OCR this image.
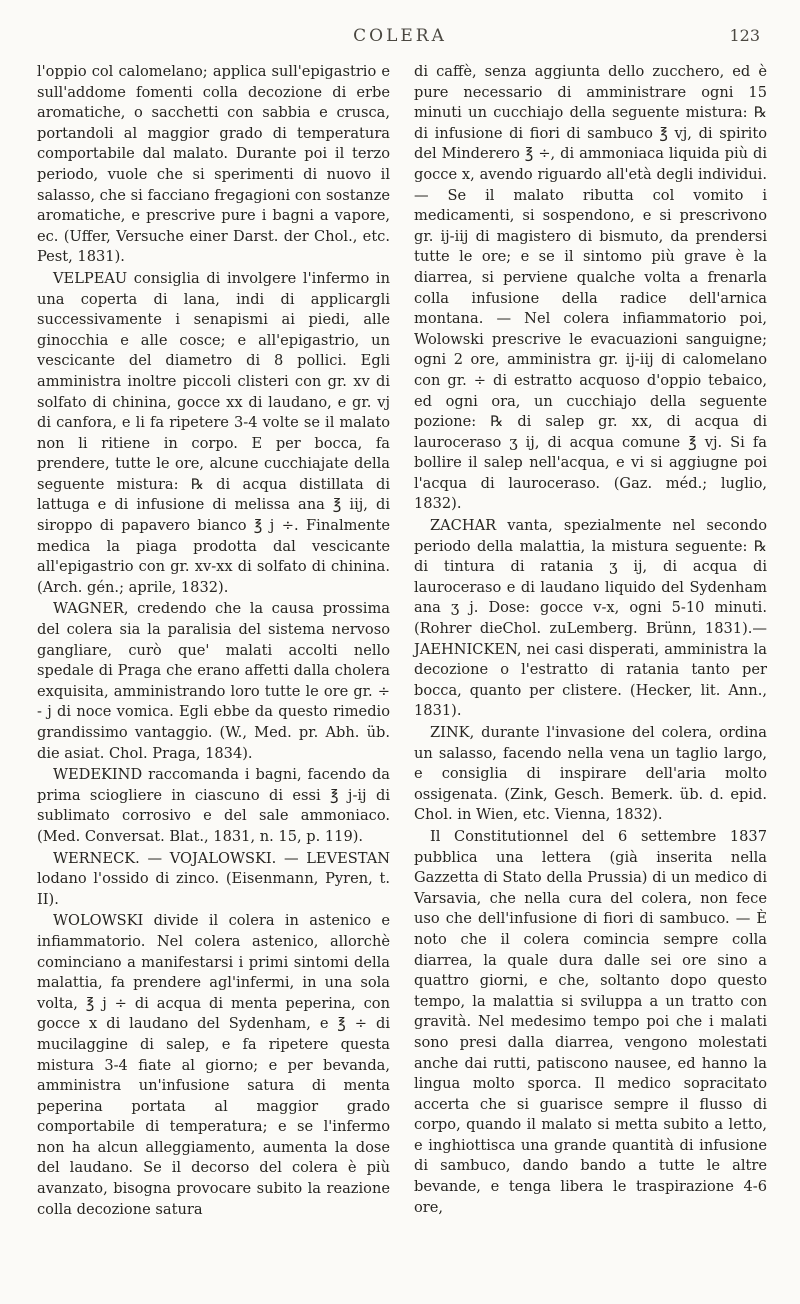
COLERA	123

l'oppio col calomelano; applica sull'epigastrio e sull'addome fomenti colla decozione di erbe aromatiche, o sacchetti con sabbia e crusca, portandoli al maggior grado di temperatura comportabile dal malato. Durante poi il terzo periodo, vuole che si sperimenti di nuovo il salasso, che si facciano fregagioni con sostanze aromatiche, e prescrive pure i bagni a vapore, ec. (Uffer, Versuche einer Darst. der Chol., etc. Pest, 1831).

VELPEAU consiglia di involgere l'infermo in una coperta di lana, indi di applicargli successivamente i senapismi ai piedi, alle ginocchia e alle cosce; e all'epigastrio, un vescicante del diametro di 8 pollici. Egli amministra inoltre piccoli clisteri con gr. xv di solfato di chinina, gocce xx di laudano, e gr. vj di canfora, e li fa ripetere 3-4 volte se il malato non li ritiene in corpo. E per bocca, fa prendere, tutte le ore, alcune cucchiajate della seguente mistura: ℞ di acqua distillata di lattuga e di infusione di melissa ana ℥ iij, di siroppo di papavero bianco ℥ j ÷. Finalmente medica la piaga prodotta dal vescicante all'epigastrio con gr. xv-xx di solfato di chinina. (Arch. gén.; aprile, 1832).

WAGNER, credendo che la causa prossima del colera sia la paralisia del sistema nervoso gangliare, curò que' malati accolti nello spedale di Praga che erano affetti dalla cholera exquisita, amministrando loro tutte le ore gr. ÷ - j di noce vomica. Egli ebbe da questo rimedio grandissimo vantaggio. (W., Med. pr. Abh. üb. die asiat. Chol. Praga, 1834).

WEDEKIND raccomanda i bagni, facendo da prima sciogliere in ciascuno di essi ℥ j-ij di sublimato corrosivo e del sale ammoniaco. (Med. Conversat. Blat., 1831, n. 15, p. 119).

WERNECK. — VOJALOWSKI. — LEVESTAN lodano l'ossido di zinco. (Eisenmann, Pyren, t. II).

WOLOWSKI divide il colera in astenico e infiammatorio. Nel colera astenico, allorchè cominciano a manifestarsi i primi sintomi della malattia, fa prendere agl'infermi, in una sola volta, ℥ j ÷ di acqua di menta peperina, con gocce x di laudano del Sydenham, e ℥ ÷ di mucilaggine di salep, e fa ripetere questa mistura 3-4 fiate al giorno; e per bevanda, amministra un'infusione satura di menta peperina portata al maggior grado comportabile di temperatura; e se l'infermo non ha alcun alleggiamento, aumenta la dose del laudano. Se il decorso del colera è più avanzato, bisogna provocare subito la reazione colla decozione satura

di caffè, senza aggiunta dello zucchero, ed è pure necessario di amministrare ogni 15 minuti un cucchiajo della seguente mistura: ℞ di infusione di fiori di sambuco ℥ vj, di spirito del Minderero ℥ ÷, di ammoniaca liquida più di gocce x, avendo riguardo all'età degli individui. — Se il malato ributta col vomito i medicamenti, si sospendono, e si prescrivono gr. ij-iij di magistero di bismuto, da prendersi tutte le ore; e se il sintomo più grave è la diarrea, si perviene qualche volta a frenarla colla infusione della radice dell'arnica montana. — Nel colera infiammatorio poi, Wolowski prescrive le evacuazioni sanguigne; ogni 2 ore, amministra gr. ij-iij di calomelano con gr. ÷ di estratto acquoso d'oppio tebaico, ed ogni ora, un cucchiajo della seguente pozione: ℞ di salep gr. xx, di acqua di lauroceraso ʒ ij, di acqua comune ℥ vj. Si fa bollire il salep nell'acqua, e vi si aggiugne poi l'acqua di lauroceraso. (Gaz. méd.; luglio, 1832).

ZACHAR vanta, spezialmente nel secondo periodo della malattia, la mistura seguente: ℞ di tintura di ratania ʒ ij, di acqua di lauroceraso e di laudano liquido del Sydenham ana ʒ j. Dose: gocce v-x, ogni 5-10 minuti. (Rohrer dieChol. zuLemberg. Brünn, 1831).— JAEHNICKEN, nei casi disperati, amministra la decozione o l'estratto di ratania tanto per bocca, quanto per clistere. (Hecker, lit. Ann., 1831).

ZINK, durante l'invasione del colera, ordina un salasso, facendo nella vena un taglio largo, e consiglia di inspirare dell'aria molto ossigenata. (Zink, Gesch. Bemerk. üb. d. epid. Chol. in Wien, etc. Vienna, 1832).

Il Constitutionnel del 6 settembre 1837 pubblica una lettera (già inserita nella Gazzetta di Stato della Prussia) di un medico di Varsavia, che nella cura del colera, non fece uso che dell'infusione di fiori di sambuco. — È noto che il colera comincia sempre colla diarrea, la quale dura dalle sei ore sino a quattro giorni, e che, soltanto dopo questo tempo, la malattia si sviluppa a un tratto con gravità. Nel medesimo tempo poi che i malati sono presi dalla diarrea, vengono molestati anche dai rutti, patiscono nausee, ed hanno la lingua molto sporca. Il medico sopracitato accerta che si guarisce sempre il flusso di corpo, quando il malato si metta subito a letto, e inghiottisca una grande quantità di infusione di sambuco, dando bando a tutte le altre bevande, e tenga libera le traspirazione 4-6 ore,
